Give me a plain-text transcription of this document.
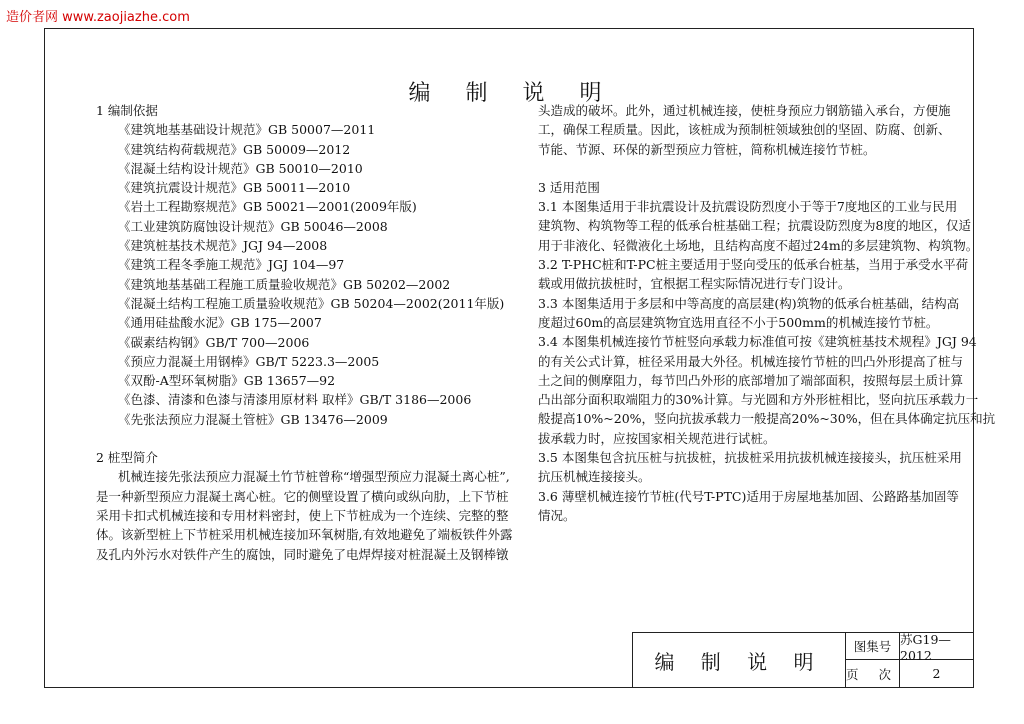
造价者网 www.zaojiazhe.com
编 制 说 明

1 编制依据

《建筑地基基础设计规范》GB 50007—2011

《建筑结构荷载规范》GB 50009—2012

《混凝土结构设计规范》GB 50010—2010

《建筑抗震设计规范》GB 50011—2010

《岩土工程勘察规范》GB 50021—2001(2009年版)

《工业建筑防腐蚀设计规范》GB 50046—2008

《建筑桩基技术规范》JGJ 94—2008

《建筑工程冬季施工规范》JGJ 104—97

《建筑地基基础工程施工质量验收规范》GB 50202—2002

《混凝土结构工程施工质量验收规范》GB 50204—2002(2011年版)

《通用硅盐酸水泥》GB 175—2007

《碳素结构钢》GB/T 700—2006

《预应力混凝土用钢棒》GB/T 5223.3—2005

《双酚-A型环氧树脂》GB 13657—92

《色漆、清漆和色漆与清漆用原材料 取样》GB/T 3186—2006

《先张法预应力混凝土管桩》GB 13476—2009

2 桩型简介

机械连接先张法预应力混凝土竹节桩曾称“增强型预应力混凝土离心桩”,

是一种新型预应力混凝土离心桩。它的侧壁设置了横向或纵向肋，上下节桩

采用卡扣式机械连接和专用材料密封，使上下节桩成为一个连续、完整的整

体。该新型桩上下节桩采用机械连接加环氧树脂,有效地避免了端板铁件外露

及孔内外污水对铁件产生的腐蚀，同时避免了电焊焊接对桩混凝土及钢棒镦

头造成的破坏。此外，通过机械连接，使桩身预应力钢筋锚入承台，方便施

工，确保工程质量。因此，该桩成为预制桩领域独创的坚固、防腐、创新、

节能、节源、环保的新型预应力管桩，简称机械连接竹节桩。

3 适用范围

3.1 本图集适用于非抗震设计及抗震设防烈度小于等于7度地区的工业与民用

建筑物、构筑物等工程的低承台桩基础工程；抗震设防烈度为8度的地区，仅适

用于非液化、轻微液化土场地，且结构高度不超过24m的多层建筑物、构筑物。

3.2 T-PHC桩和T-PC桩主要适用于竖向受压的低承台桩基，当用于承受水平荷

载或用做抗拔桩时，宜根据工程实际情况进行专门设计。

3.3 本图集适用于多层和中等高度的高层建(构)筑物的低承台桩基础，结构高

度超过60m的高层建筑物宜选用直径不小于500mm的机械连接竹节桩。

3.4 本图集机械连接竹节桩竖向承载力标准值可按《建筑桩基技术规程》JGJ 94

的有关公式计算，桩径采用最大外径。机械连接竹节桩的凹凸外形提高了桩与

土之间的侧摩阻力，每节凹凸外形的底部增加了端部面积，按照每层土质计算

凸出部分面积取端阻力的30%计算。与光圆和方外形桩相比，竖向抗压承载力一

般提高10%~20%，竖向抗拔承载力一般提高20%~30%，但在具体确定抗压和抗

拔承载力时，应按国家相关规范进行试桩。

3.5 本图集包含抗压桩与抗拔桩，抗拔桩采用抗拔机械连接接头，抗压桩采用

抗压机械连接接头。

3.6 薄壁机械连接竹节桩(代号T-PTC)适用于房屋地基加固、公路路基加固等

情况。

编 制 说 明
图集号 苏G19—2012
页 次	2
